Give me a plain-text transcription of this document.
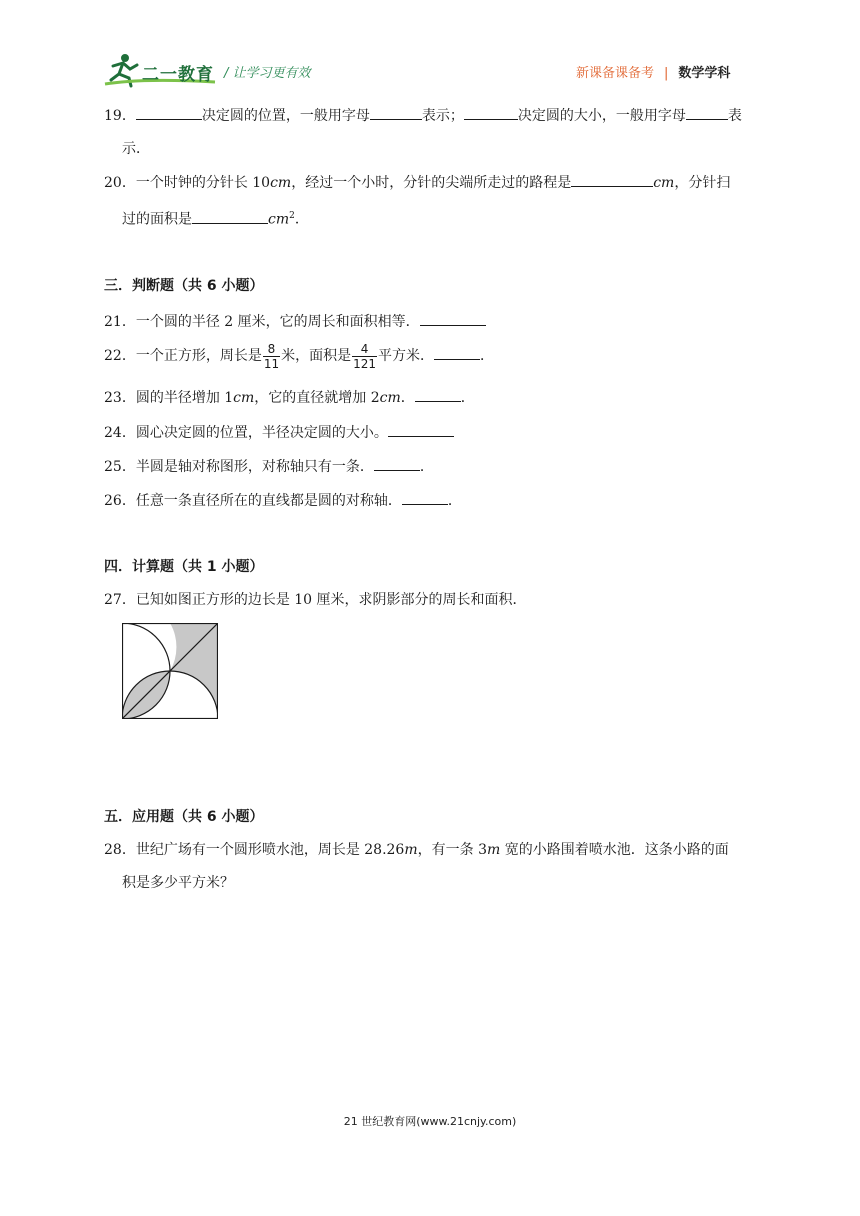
二一教育 / 让学习更有效	新课备课备考 | 数学学科
19．	决定圆的位置，一般用字母	表示；	决定圆的大小，一般用字母	表
示．
20．一个时钟的分针长 10cm，经过一个小时，分针的尖端所走过的路程是	cm，分针扫
过的面积是	$cm^2$．
三．判断题（共 6 小题）
21．一个圆的半径 2 厘米，它的周长和面积相等．
22．一个正方形，周长是 $\frac{8}{11}$ 米，面积是 $\frac{4}{121}$ 平方米．	．
23．圆的半径增加 1cm，它的直径就增加 2cm．	．
24．圆心决定圆的位置，半径决定圆的大小。
25．半圆是轴对称图形，对称轴只有一条．	．
26．任意一条直径所在的直线都是圆的对称轴．	．
四．计算题（共 1 小题）
27．已知如图正方形的边长是 10 厘米，求阴影部分的周长和面积．
五．应用题（共 6 小题）
28．世纪广场有一个圆形喷水池，周长是 28.26m，有一条 3m 宽的小路围着喷水池．这条小路的面
积是多少平方米？
21 世纪教育网(www.21cnjy.com)
